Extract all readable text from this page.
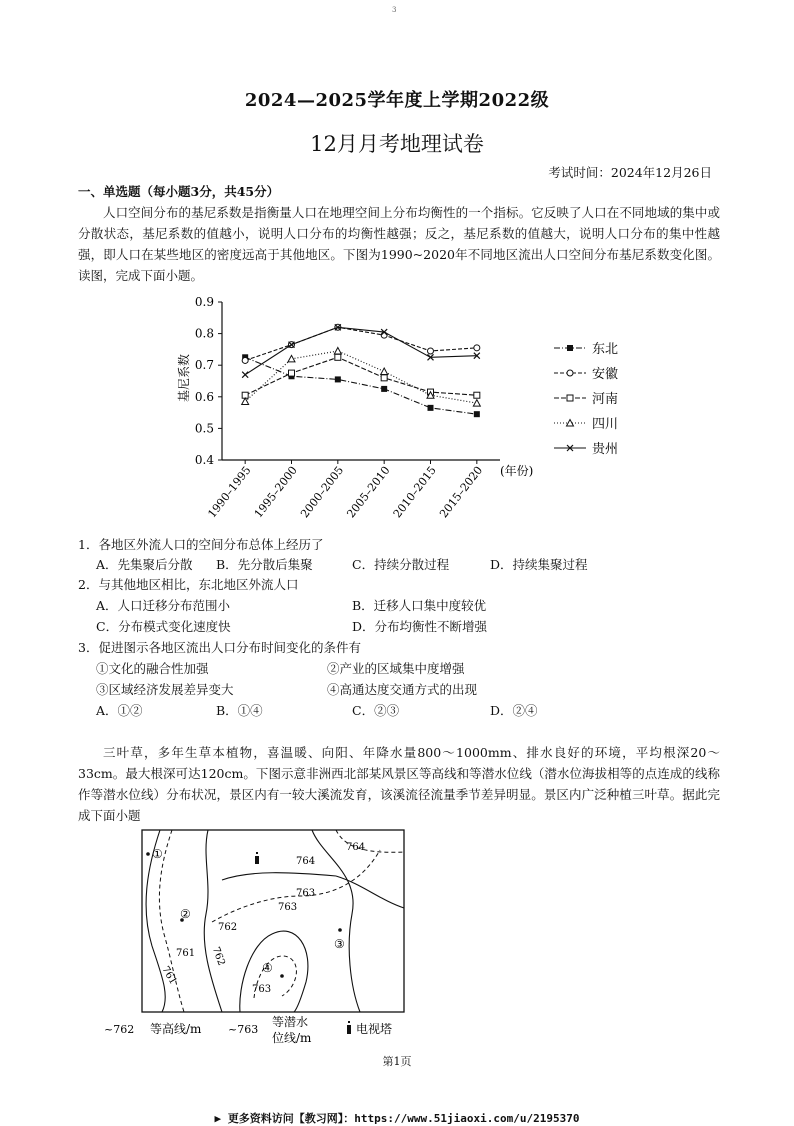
3
2024—2025学年度上学期2022级
12月月考地理试卷
考试时间：2024年12月26日
一、单选题（每小题3分，共45分）
人口空间分布的基尼系数是指衡量人口在地理空间上分布均衡性的一个指标。它反映了人口在不同地域的集中或分散状态，基尼系数的值越小，说明人口分布的均衡性越强；反之，基尼系数的值越大，说明人口分布的集中性越强，即人口在某些地区的密度远高于其他地区。下图为1990~2020年不同地区流出人口空间分布基尼系数变化图。读图，完成下面小题。
0.9
0.8
0.7
0.6
0.5
0.4
1990–1995
1995–2000
2000–2005
2005–2010
2010–2015
2015–2020
东北
安徽
河南
四川
贵州
基尼系数
(年份)
1．各地区外流人口的空间分布总体上经历了
A．先集聚后分散 B．先分散后集聚	C．持续分散过程	D．持续集聚过程
2．与其他地区相比，东北地区外流人口
A．人口迁移分布范围小	B．迁移人口集中度较优
C．分布模式变化速度快	D．分布均衡性不断增强
3．促进图示各地区流出人口分布时间变化的条件有
①文化的融合性加强	②产业的区域集中度增强
③区域经济发展差异变大	④高通达度交通方式的出现
A．①②	B．①④	C．②③	D．②④
三叶草，多年生草本植物，喜温暖、向阳、年降水量800～1000mm、排水良好的环境，平均根深20～33cm。最大根深可达120cm。下图示意非洲西北部某风景区等高线和等潜水位线（潜水位海拔相等的点连成的线称作等潜水位线）分布状况，景区内有一较大溪流发育，该溪流径流量季节差异明显。景区内广泛种植三叶草。据此完成下面小题
764
764
763
763
762
761
761
762
763
①
②
③
④
~762 等高线/m ~763
等潜水
位线/m
电视塔
第1页
▶ 更多资料访问【教习网】：https://www.51jiaoxi.com/u/2195370
